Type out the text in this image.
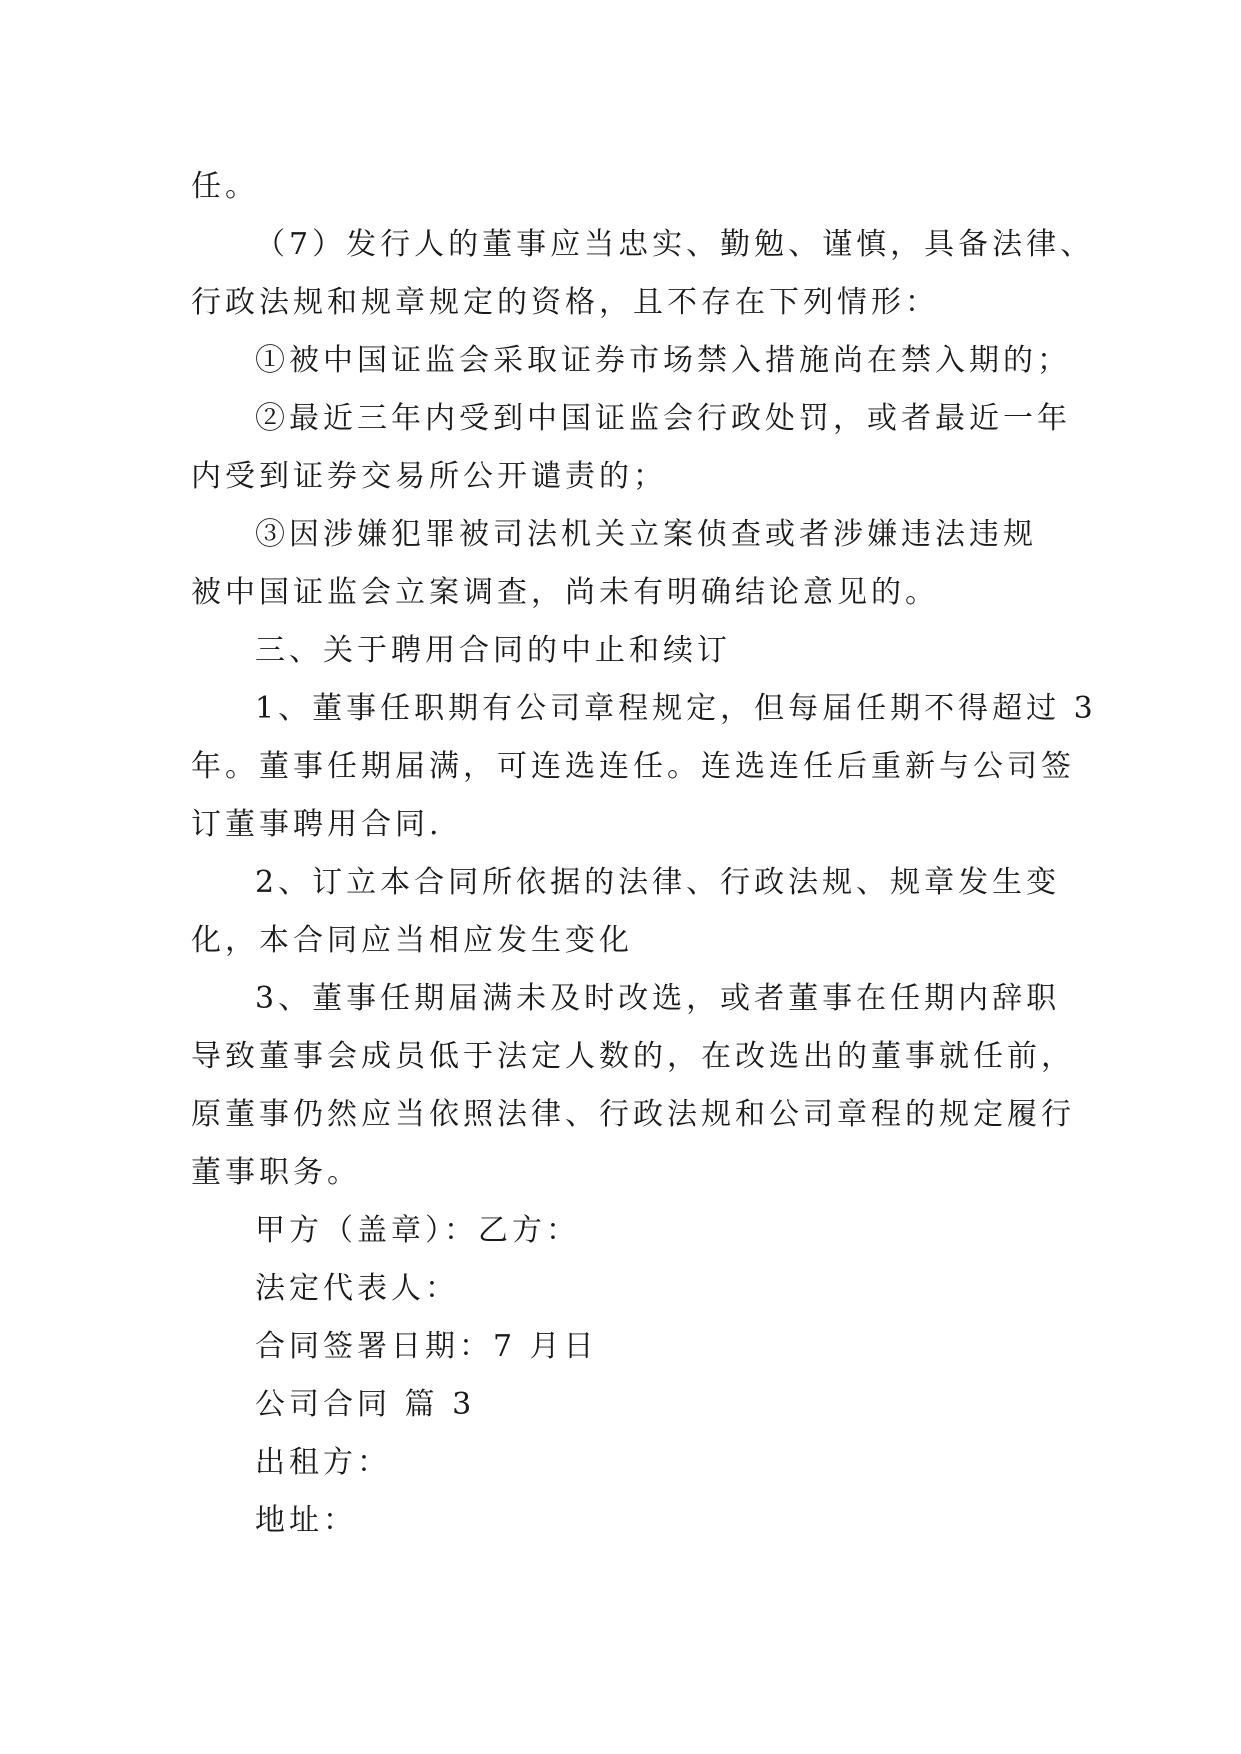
任。
（7）发行人的董事应当忠实、勤勉、谨慎，具备法律、
行政法规和规章规定的资格，且不存在下列情形：
①被中国证监会采取证券市场禁入措施尚在禁入期的；
②最近三年内受到中国证监会行政处罚，或者最近一年
内受到证券交易所公开谴责的；
③因涉嫌犯罪被司法机关立案侦查或者涉嫌违法违规
被中国证监会立案调查，尚未有明确结论意见的。
三、关于聘用合同的中止和续订
1、董事任职期有公司章程规定，但每届任期不得超过 3
年。董事任期届满，可连选连任。连选连任后重新与公司签
订董事聘用合同.
2、订立本合同所依据的法律、行政法规、规章发生变
化，本合同应当相应发生变化
3、董事任期届满未及时改选，或者董事在任期内辞职
导致董事会成员低于法定人数的，在改选出的董事就任前，
原董事仍然应当依照法律、行政法规和公司章程的规定履行
董事职务。
甲方（盖章）：乙方：
法定代表人：
合同签署日期：7 月日
公司合同 篇 3
出租方：
地址：
